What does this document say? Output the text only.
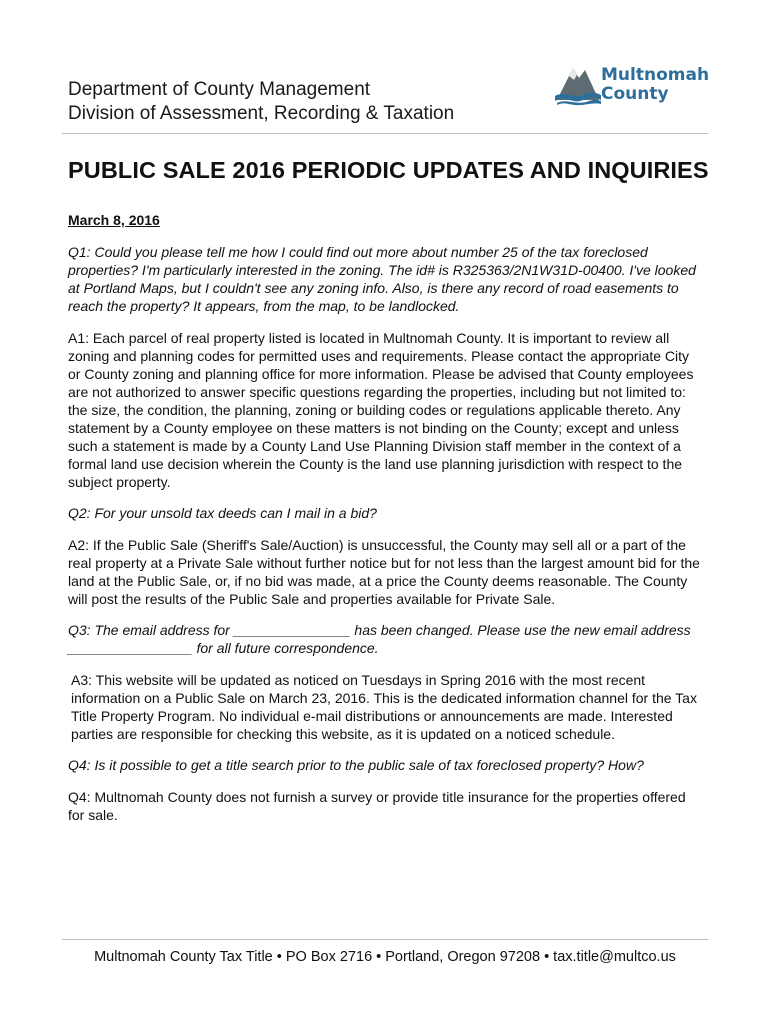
Department of County Management

Division of Assessment, Recording & Taxation

Multnomah
County
PUBLIC SALE 2016 PERIODIC UPDATES AND INQUIRIES

March 8, 2016

Q1: Could you please tell me how I could find out more about number 25 of the tax foreclosed properties? I'm particularly interested in the zoning. The id# is R325363/2N1W31D-00400. I've looked at Portland Maps, but I couldn't see any zoning info. Also, is there any record of road easements to reach the property? It appears, from the map, to be landlocked.

A1: Each parcel of real property listed is located in Multnomah County. It is important to review all zoning and planning codes for permitted uses and requirements. Please contact the appropriate City or County zoning and planning office for more information. Please be advised that County employees are not authorized to answer specific questions regarding the properties, including but not limited to: the size, the condition, the planning, zoning or building codes or regulations applicable thereto. Any statement by a County employee on these matters is not binding on the County; except and unless such a statement is made by a County Land Use Planning Division staff member in the context of a formal land use decision wherein the County is the land use planning jurisdiction with respect to the subject property.

Q2: For your unsold tax deeds can I mail in a bid?

A2: If the Public Sale (Sheriff's Sale/Auction) is unsuccessful, the County may sell all or a part of the real property at a Private Sale without further notice but for not less than the largest amount bid for the land at the Public Sale, or, if no bid was made, at a price the County deems reasonable. The County will post the results of the Public Sale and properties available for Private Sale.

Q3: The email address for _______________ has been changed. Please use the new email address ________________ for all future correspondence.

A3: This website will be updated as noticed on Tuesdays in Spring 2016 with the most recent information on a Public Sale on March 23, 2016. This is the dedicated information channel for the Tax Title Property Program. No individual e-mail distributions or announcements are made. Interested parties are responsible for checking this website, as it is updated on a noticed schedule.

Q4: Is it possible to get a title search prior to the public sale of tax foreclosed property? How?

Q4: Multnomah County does not furnish a survey or provide title insurance for the properties offered for sale.

Multnomah County Tax Title • PO Box 2716 • Portland, Oregon 97208 • tax.title@multco.us
